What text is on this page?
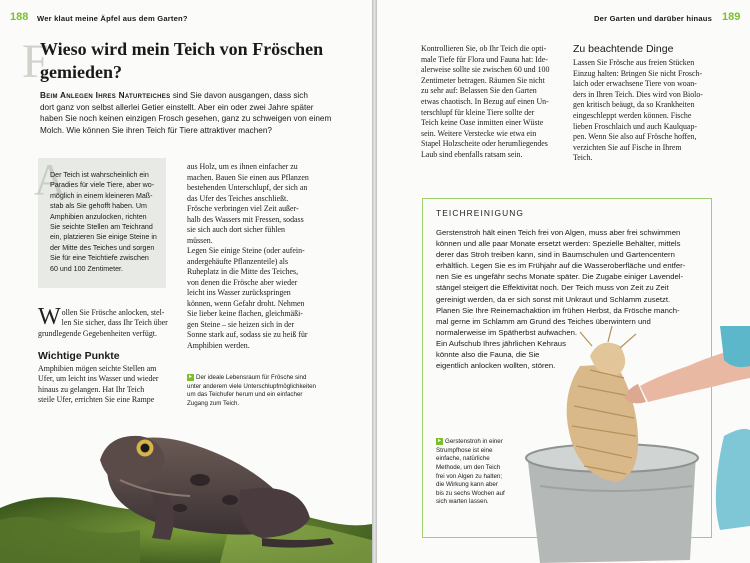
188 Wer klaut meine Äpfel aus dem Garten?
F
Wieso wird mein Teich von Fröschen
gemieden?
Beim Anlegen Ihres Naturteiches sind Sie davon ausgangen, dass sich
dort ganz von selbst allerlei Getier einstellt. Aber ein oder zwei Jahre später
haben Sie noch keinen einzigen Frosch gesehen, ganz zu schweigen von einem
Molch. Wie können Sie ihren Teich für Tiere attraktiver machen?
A
Der Teich ist wahrscheinlich ein
Paradies für viele Tiere, aber wo-
möglich in einem kleineren Maß-
stab als Sie gehofft haben. Um
Amphibien anzulocken, richten
Sie seichte Stellen am Teichrand
ein, platzieren Sie einige Steine in
der Mitte des Teiches und sorgen
Sie für eine Teichtiefe zwischen
60 und 100 Zentimeter.
W ollen Sie Frösche anlocken, stel-
len Sie sicher, dass Ihr Teich über
grundlegende Gegebenheiten verfügt.
Wichtige Punkte
Amphibien mögen seichte Stellen am
Ufer, um leicht ins Wasser und wieder
hinaus zu gelangen. Hat Ihr Teich
steile Ufer, errichten Sie eine Rampe
aus Holz, um es ihnen einfacher zu
machen. Bauen Sie einen aus Pflanzen
bestehenden Unterschlupf, der sich an
das Ufer des Teiches anschließt.
Frösche verbringen viel Zeit außer-
halb des Wassers mit Fressen, sodass
sie sich auch dort sicher fühlen
müssen.
Legen Sie einige Steine (oder aufein-
andergehäufte Pflanzenteile) als
Ruheplatz in die Mitte des Teiches,
von denen die Frösche aber wieder
leicht ins Wasser zurückspringen
können, wenn Gefahr droht. Nehmen
Sie lieber keine flachen, gleichmäßi-
gen Steine – sie heizen sich in der
Sonne stark auf, sodass sie zu heiß für
Amphibien werden.
▸ Der ideale Lebensraum für Frösche sind
unter anderem viele Unterschlupfmöglichkeiten
um das Teichufer herum und ein einfacher
Zugang zum Teich.
Der Garten und darüber hinaus 189
Kontrollieren Sie, ob Ihr Teich die opti-
male Tiefe für Flora und Fauna hat: Ide-
alerweise sollte sie zwischen 60 und 100
Zentimeter betragen. Räumen Sie nicht
zu sehr auf: Belassen Sie den Garten
etwas chaotisch. In Bezug auf einen Un-
terschlupf für kleine Tiere sollte der
Teich keine Oase inmitten einer Wüste
sein. Weitere Verstecke wie etwa ein
Stapel Holzscheite oder herumliegendes
Laub sind ebenfalls ratsam sein.
Zu beachtende Dinge
Lassen Sie Frösche aus freien Stücken
Einzug halten: Bringen Sie nicht Frosch-
laich oder erwachsene Tiere von woan-
ders in Ihren Teich. Dies wird von Biolo-
gen kritisch beäugt, da so Krankheiten
eingeschleppt werden können. Fische
lieben Froschlaich und auch Kaulquap-
pen. Wenn Sie also auf Frösche hoffen,
verzichten Sie auf Fische in Ihrem
Teich.
TEICHREINIGUNG
Gerstenstroh hält einen Teich frei von Algen, muss aber frei schwimmen
können und alle paar Monate ersetzt werden: Spezielle Behälter, mittels
derer das Stroh treiben kann, sind in Baumschulen und Gartencentern
erhältlich. Legen Sie es im Frühjahr auf die Wasseroberfläche und entfer-
nen Sie es ungefähr sechs Monate später. Die Zugabe einiger Lavendel-
stängel steigert die Effektivität noch. Der Teich muss von Zeit zu Zeit
gereinigt werden, da er sich sonst mit Unkraut und Schlamm zusetzt.
Planen Sie Ihre Reinemachaktion im frühen Herbst, da Frösche manch-
mal gerne im Schlamm am Grund des Teiches überwintern und
normalerweise im Spätherbst aufwachen.
Ein Aufschub Ihres jährlichen Kehraus
könnte also die Fauna, die Sie
eigentlich anlocken wollten, stören.
▸ Gerstenstroh in einer
Strumpfhose ist eine
einfache, natürliche
Methode, um den Teich
frei von Algen zu halten;
die Wirkung kann aber
bis zu sechs Wochen auf
sich warten lassen.
